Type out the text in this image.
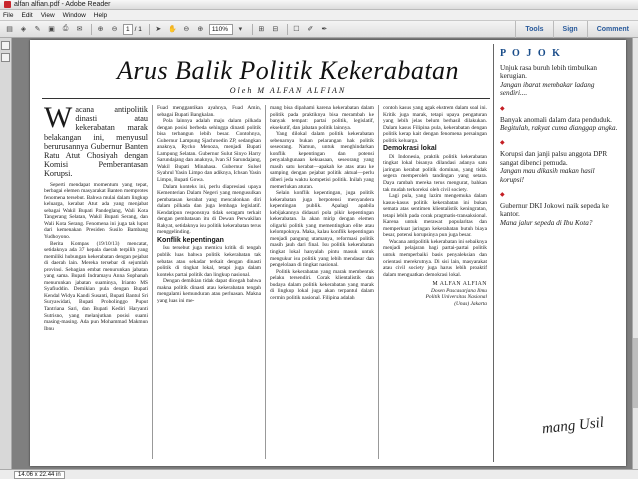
alfan alfian.pdf - Adobe Reader
File Edit View Window Help
▤	◈	✎	▣	⎙	✉	⊕	⊖	1 / 1	➤ ✋ ⊖	⊕	110%	▾	⊞	⊟	☐	✐	✒	Tools	Sign	Comment
Arus Balik Politik Kekerabatan
Oleh M ALFAN ALFIAN

Wacana antipolitik dinasti atau kekerabatan marak belakangan ini, menyusul berurusannya Gubernur Banten Ratu Atut Chosiyah dengan Komisi Pemberantasan Korupsi.

Seperti mendapat momentum yang tepat, berbagai elemen masyarakat Banten memprotes fenomena tersebut. Bahwa mulai dalam lingkup keluarga, kerabat Atut ada yang menjabat sebagai Wakil Bupati Pandeglang, Wali Kota Tangerang Selatan, Wakil Bupati Serang, dan Wali Kota Serang. Fenomena ini juga tak luput dari kemenakan Presiden Susilo Bambang Yudhoyono.

Berita Kompas (19/10/13) mencatat, setidaknya ada 37 kepala daerah terpilih yang memiliki hubungan kekerabatan dengan pejabat di daerah lain. Mereka tersebar di sejumlah provinsi. Sebagian embat menurunkan jabatan yang sama. Bupati Indramayu Anna Sophanah menurunkan jabatan suaminya, Irianto MS Syafiuddin. Demikian pula dengan Bupati Kendal Widya Kandi Susanti, Bupati Bantul Sri Suryawidati, Bupati Probolinggo Puput Tantriana Sari, dan Bupati Kediri Haryanti Sutrisno, yang melanjutkan posisi suami masing-masing. Ada pun Mohammad Makmun Ibnu

Fuad menggantikan ayahnya, Fuad Amin, sebagai Bupati Bangkalan.

Pola lainnya adalah maju dalam pilkada dengan posisi berbeda sehingga dinasti politik bisa terbangun lebih besar. Contohnya, Gubernur Lampung Sjachroedin ZP, sedangkan anaknya, Rycko Menoza, menjadi Bupati Lampung Selatan. Gubernur Sulut Sinyo Harry Sarundajang dan anaknya, Ivan SJ Sarundajang, Wakil Bupati Minahasa. Gubernur Sulsel Syahrul Yasin Limpo dan adiknya, Ichsan Yasin Limpo, Bupati Gowa.

Dalam konteks ini, perlu diapresiasi upaya Kementerian Dalam Negeri yang mengusulkan pembatasan kerabat yang mencalonkan diri dalam pilkada dan juga lembaga legislatif. Kendatipun responsnya tidak seragam terkait dengan pembatasan itu di Dewan Perwakilan Rakyat, setidaknya isu politik kekerabatan terus menggelinding.

Konflik kepentingan

Isu tersebut juga memicu kritik di tengah publik luas bahwa politik kekerabatan tak sebatas atau sekadar terkait dengan dinasti politik di tingkat lokal, tetapi juga dalam konteks partai politik dan lingkup nasional.

Dengan demikian tidak dapat dicegah bahwa makna politik dinasti atau kekerabatan tengah mengalami kemunduran atau perluasan. Makna yang luas ini me-

mang bisa dipahami karena kekerabatan dalam politik pada praktiknya bisa merambah ke banyak tempat: partai politik, legislatif, eksekutif, dan jabatan politik lainnya.

Yang dilokal dalam politik kekerabatan sebenarnya bukan pelarangan hak politik seseorang. Namun, untuk menghindarkan konflik kepentingan dan potensi penyalahgunaan kekuasaan, seseorang yang masih satu kerabat—apakah ke atas atau ke samping dengan pejabat politik aktual—perlu diberi jeda waktu kompetisi politik. Inilah yang memerlukan aturan.

Selain konflik kepentingan, juga politik kekerabatan juga berpotensi menyandera kepentingan publik. Apalagi apabila kebijakannya didasari pola pikir kepentingan kekerabatan. Ia akan mirip dengan elemen oligarki politik yang mementingkan elite atau kelompoknya. Maka, kalau konflik kepentingan menjadi pangung utamanya, reformasi politik masih jauh dari final. Isu politik kekerabatan tingkat lokal hanyalah pintu masuk untuk mengukur isu politik yang lebih mendasar dan pengelolaan di tingkat nasional.

Politik kekerabatan yang marak membentuk pelaku tersendiri. Corak klientalistik dan budaya dalam politik kekerabatan yang marak di lingkup lokal juga akan terpantul dalam cermin politik nasional. Filipina adalah

contoh kasus yang agak ekstrem dalam soal ini. Kritik juga marak, tetapi upaya pengaturan yang lebih jelas belum berhasil dilakukan. Dalam kasus Filipina pula, kekerabatan dengan politik kerap kait dengan fenomena persaingan politik keluarga.

Demokrasi lokal

Di Indonesia, praktik politik kekerabatan tingkat lokal bisanya dilandasi adanya satu jaringan kerabat politik dominan, yang tidak segera memperoleh tandingan yang setara. Daya rambah mereka terus mengurat, bahkan tak mudah terkoreksi oleh civil society.

Lagi pula, yang lazim mengemuka dalam kasus-kasus politik kekerabatan ini bukan semata atas sentimen klientalistik keningratan, tetapi lebih pada corak pragmatis-transaksional. Karena untuk merawat popularitas dan memperkuat jaringan kekerabatan butuh biaya besar, potensi korupsinya pun juga besar.

Wacana antipolitik kekerabatan ini sebaiknya menjadi pelajaran bagi partai-partai politik untuk memperbaiki basis penyaleksian dan orientasi merekrutnya. Di sisi lain, masyarakat atau civil society juga harus lebih proaktif dalam menguatkan demokrasi lokal.

M ALFAN ALFIAN
Dosen Pascasarjana Ilmu
Politik Universitas Nasional
(Unas) Jakarta
P O J O K
Unjuk rasa buruh lebih timbulkan kerugian.
Jangan ibarat membakar ladang sendiri....
◆
Banyak anomali dalam data penduduk.
Begitulah, rakyat cuma dianggap angka.
◆
Korupsi dan janji palsu anggota DPR sangat dibenci pemuda.
Jangan mau dikasih makan hasil korupsi!
◆
Gubernur DKI Jokowi naik sepeda ke kantor.
Mana jalur sepeda di Ibu Kota?
mang Usil
14.06 x 22.44 in
